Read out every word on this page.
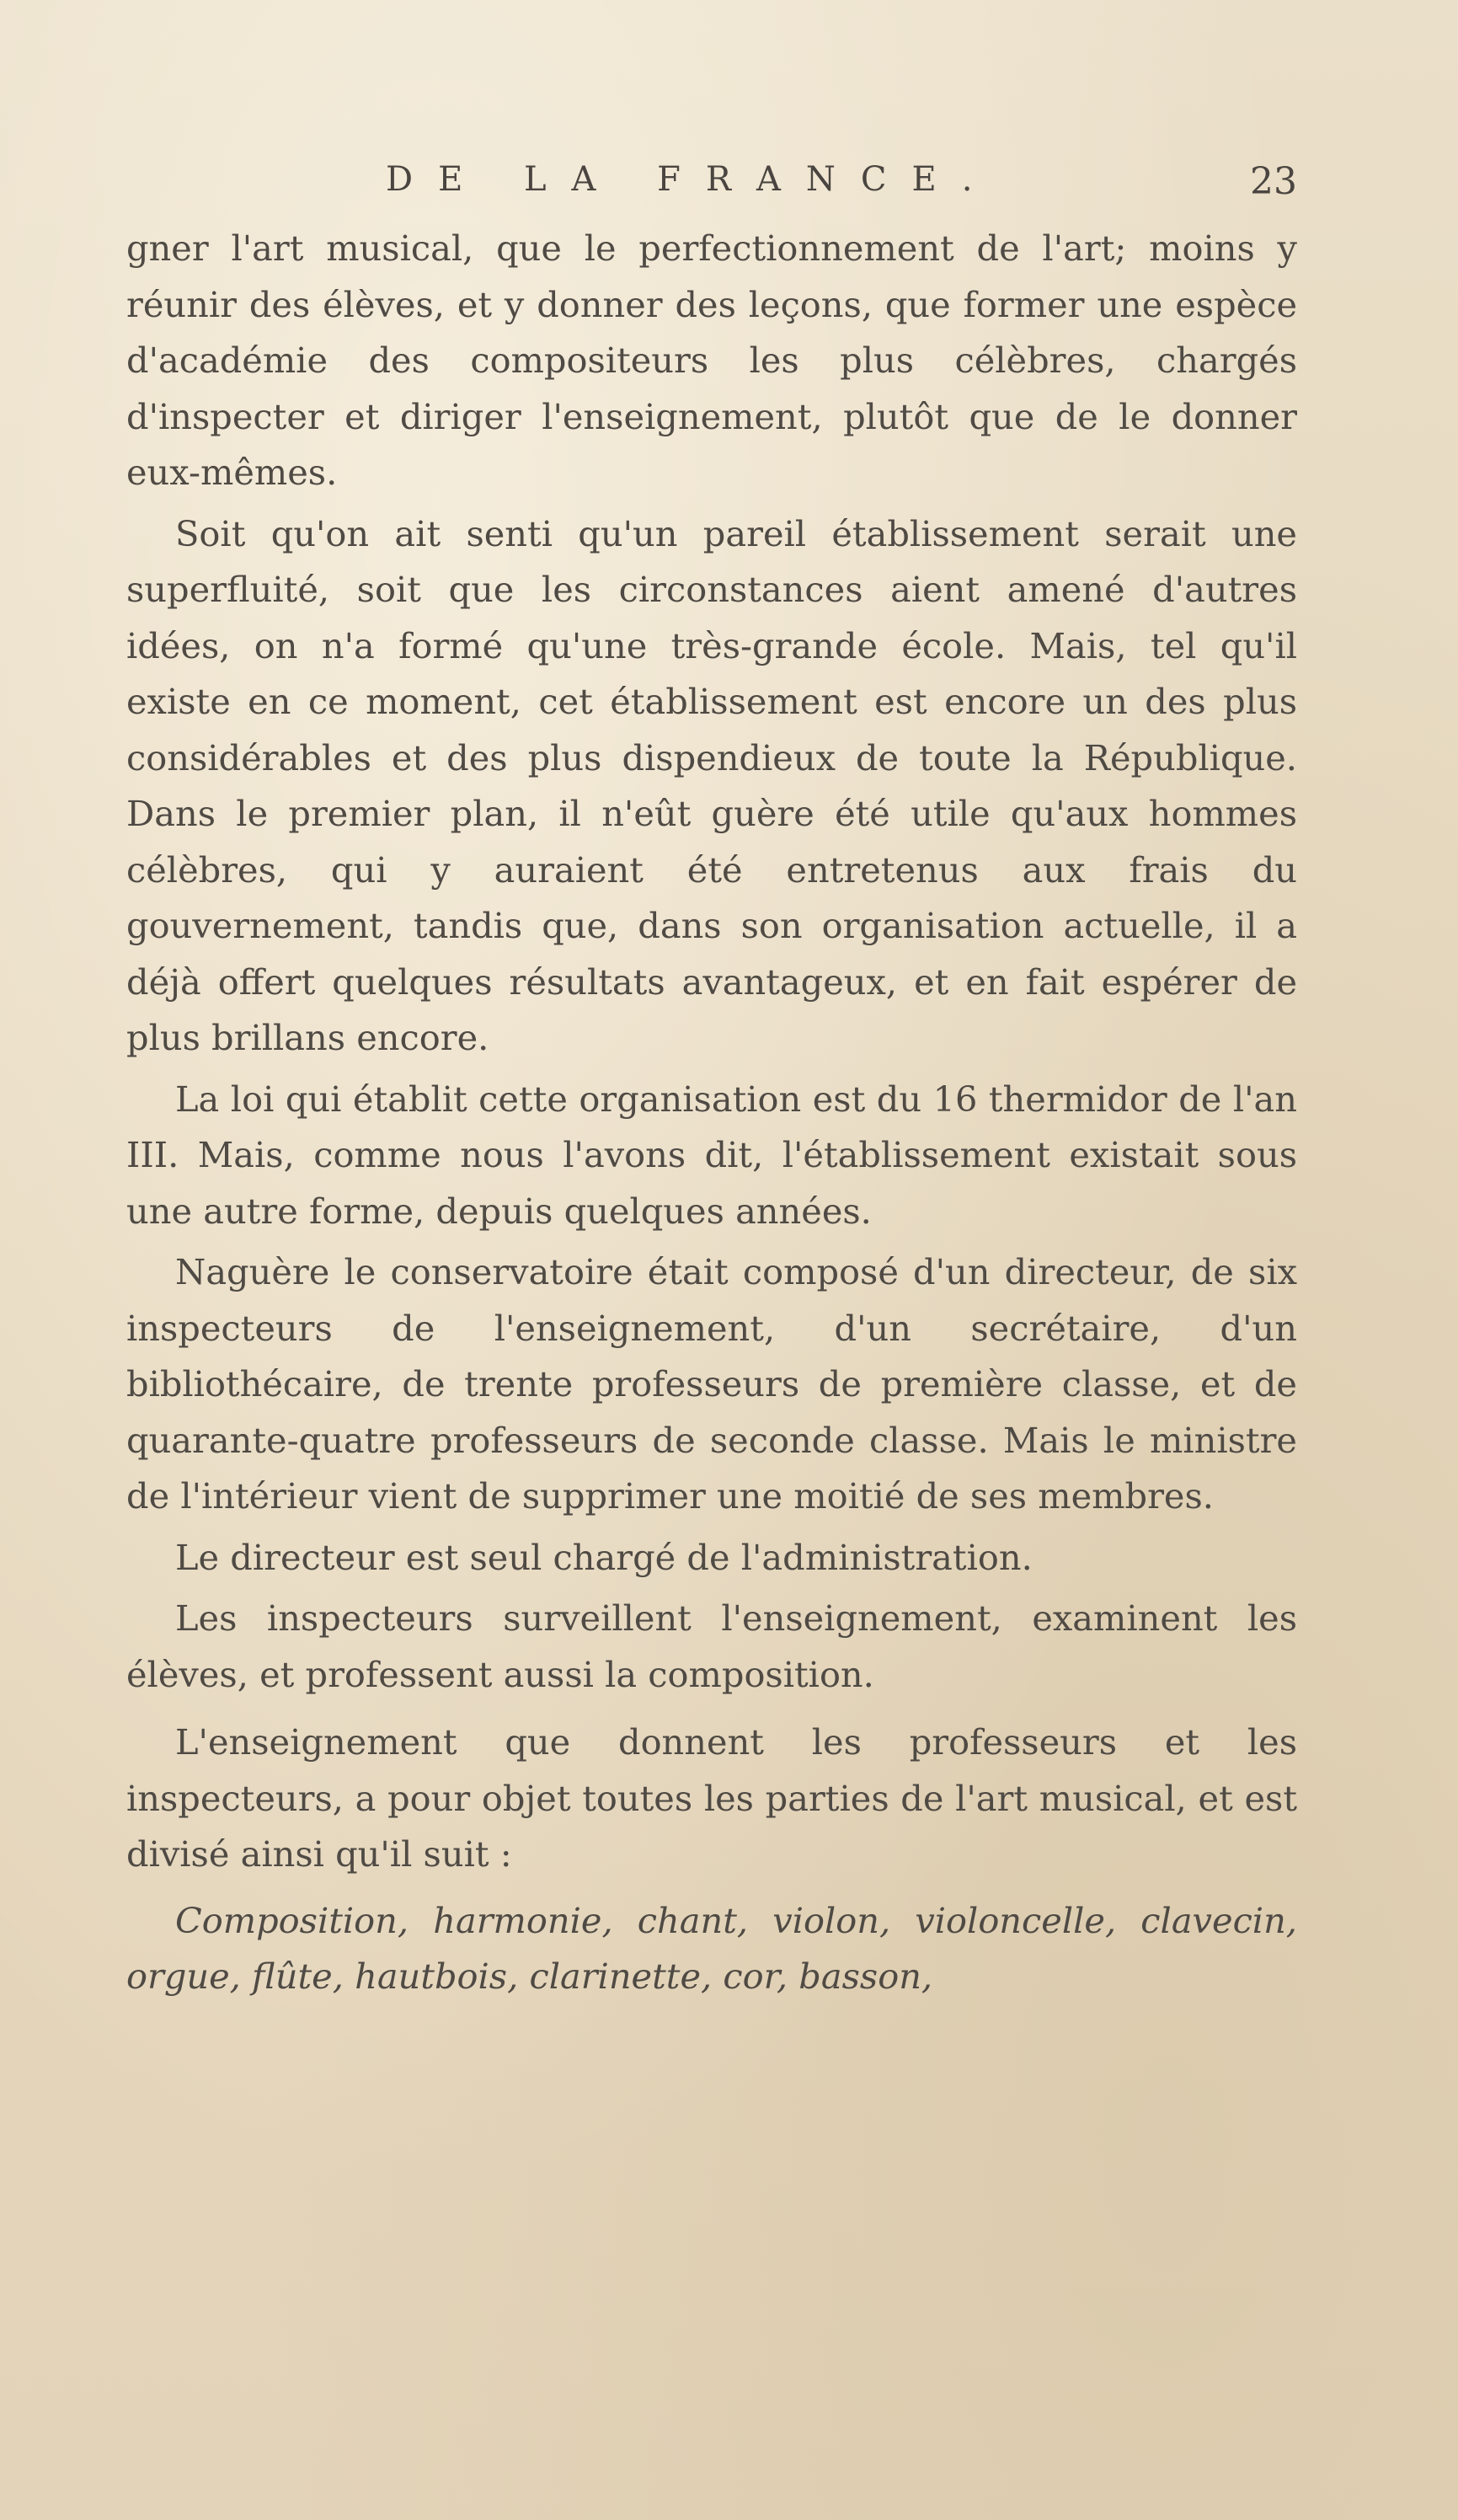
DE LA FRANCE.	23

gner l'art musical, que le perfectionnement de l'art; moins y réunir des élèves, et y donner des leçons, que former une espèce d'académie des compositeurs les plus célèbres, chargés d'inspecter et diriger l'enseignement, plutôt que de le donner eux-mêmes.

Soit qu'on ait senti qu'un pareil établissement serait une superfluité, soit que les circonstances aient amené d'autres idées, on n'a formé qu'une très-grande école. Mais, tel qu'il existe en ce moment, cet établissement est encore un des plus considérables et des plus dispendieux de toute la République. Dans le premier plan, il n'eût guère été utile qu'aux hommes célèbres, qui y auraient été entretenus aux frais du gouvernement, tandis que, dans son organisation actuelle, il a déjà offert quelques résultats avantageux, et en fait espérer de plus brillans encore.

La loi qui établit cette organisation est du 16 thermidor de l'an III. Mais, comme nous l'avons dit, l'établissement existait sous une autre forme, depuis quelques années.

Naguère le conservatoire était composé d'un directeur, de six inspecteurs de l'enseignement, d'un secrétaire, d'un bibliothécaire, de trente professeurs de première classe, et de quarante-quatre professeurs de seconde classe. Mais le ministre de l'intérieur vient de supprimer une moitié de ses membres.

Le directeur est seul chargé de l'administration.

Les inspecteurs surveillent l'enseignement, examinent les élèves, et professent aussi la composition.

L'enseignement que donnent les professeurs et les inspecteurs, a pour objet toutes les parties de l'art musical, et est divisé ainsi qu'il suit :

Composition, harmonie, chant, violon, violoncelle, clavecin, orgue, flûte, hautbois, clarinette, cor, basson,
